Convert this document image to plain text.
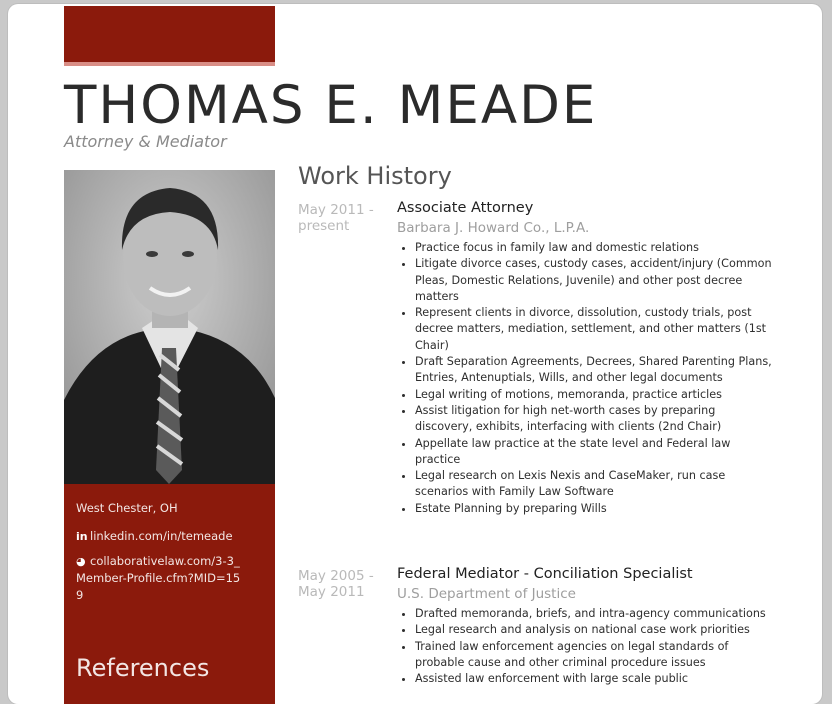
THOMAS E. MEADE
Attorney & Mediator
West Chester, OH
in linkedin.com/in/temeade
◕ collaborativelaw.com/3-3_Member-Profile.cfm?MID=159
References
Work History
May 2011 - present
Associate Attorney
Barbara J. Howard Co., L.P.A.
• Practice focus in family law and domestic relations
• Litigate divorce cases, custody cases, accident/injury (Common Pleas, Domestic Relations, Juvenile) and other post decree matters
• Represent clients in divorce, dissolution, custody trials, post decree matters, mediation, settlement, and other matters (1st Chair)
• Draft Separation Agreements, Decrees, Shared Parenting Plans, Entries, Antenuptials, Wills, and other legal documents
• Legal writing of motions, memoranda, practice articles
• Assist litigation for high net-worth cases by preparing discovery, exhibits, interfacing with clients (2nd Chair)
• Appellate law practice at the state level and Federal law practice
• Legal research on Lexis Nexis and CaseMaker, run case scenarios with Family Law Software
• Estate Planning by preparing Wills
May 2005 - May 2011
Federal Mediator - Conciliation Specialist
U.S. Department of Justice
• Drafted memoranda, briefs, and intra-agency communications
• Legal research and analysis on national case work priorities
• Trained law enforcement agencies on legal standards of probable cause and other criminal procedure issues
• Assisted law enforcement with large scale public
